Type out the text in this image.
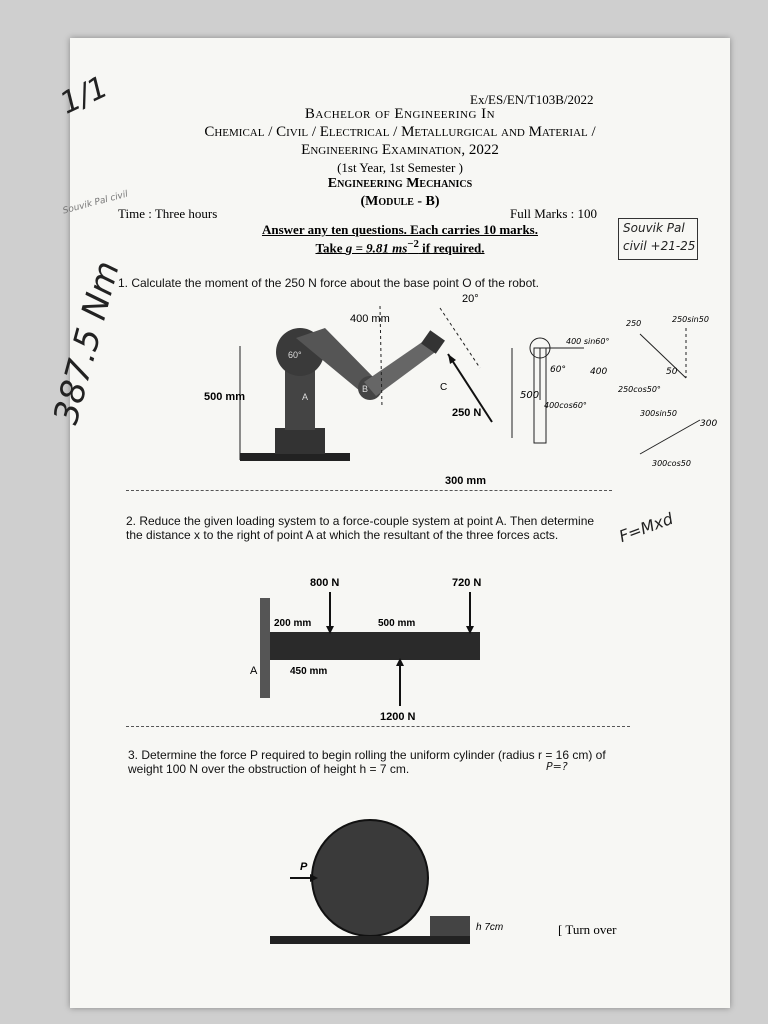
Ex/ES/EN/T103B/2022
Bachelor of Engineering In
Chemical / Civil / Electrical / Metallurgical and Material /
Engineering Examination, 2022
(1st Year, 1st Semester )
Engineering Mechanics
(Module - B)
Time : Three hours	Full Marks : 100
Answer any ten questions. Each carries 10 marks.
Take g = 9.81 $ms^{-2}$ if required.
1/1
Souvik Pal civil
Souvik Pal
civil +21-25
387.5 Nm
F=Mxd
P=?
1. Calculate the moment of the 250 N force about the base point O of the robot.
500 mm
400 mm
20°
250 N
C
A
B
60°
300 mm
500
60°
400 sin60°
400
400cos60°
250	250sin50
50
250cos50°
300sin50
300
300cos50
2. Reduce the given loading system to a force-couple system at point A. Then determine the distance x to the right of point A at which the resultant of the three forces acts.
800 N	720 N
1200 N
200 mm	500 mm
450 mm
A
3. Determine the force P required to begin rolling the uniform cylinder (radius r = 16 cm) of weight 100 N over the obstruction of height h = 7 cm.
P
h 7cm	[ Turn over
